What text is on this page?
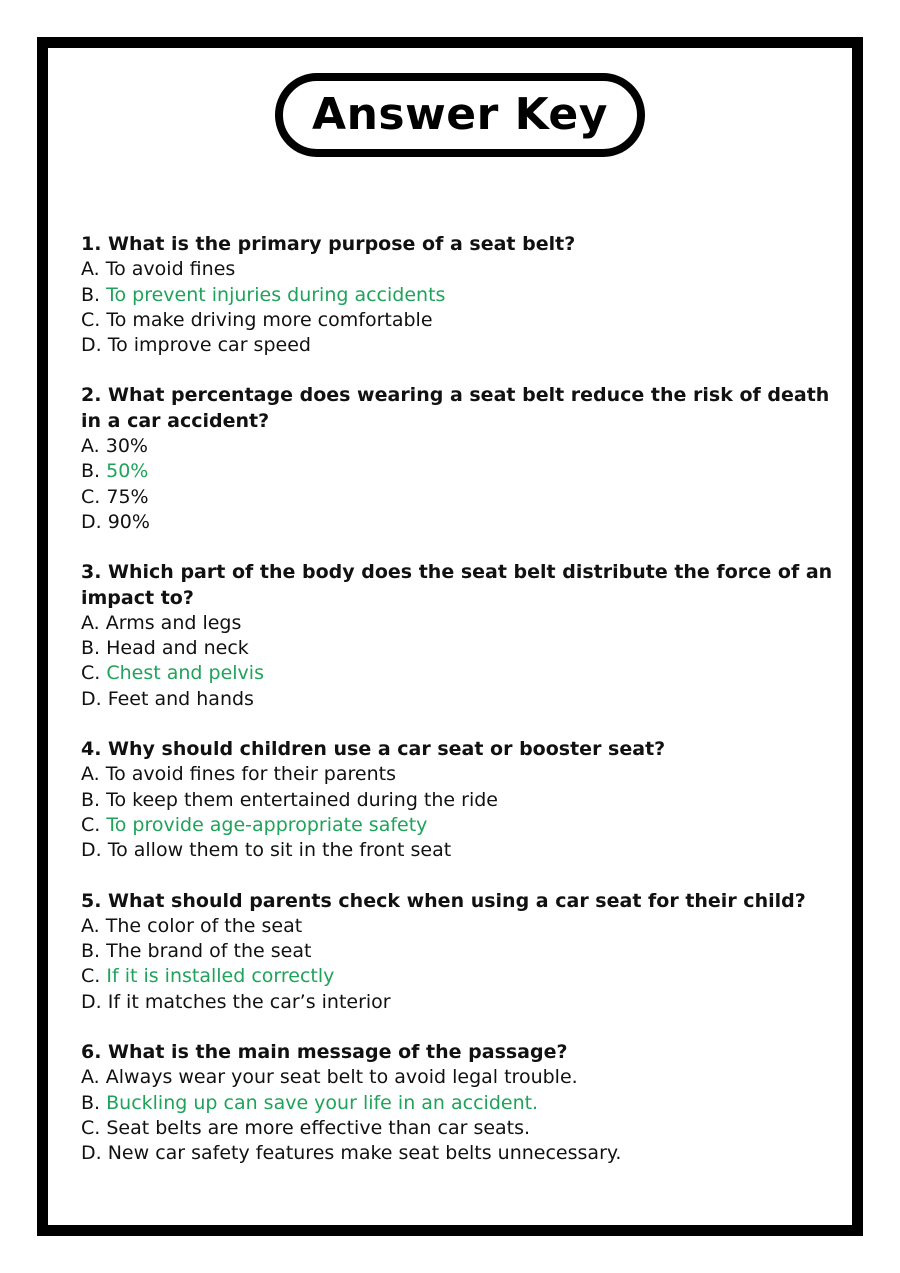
Answer Key

1. What is the primary purpose of a seat belt?

A. To avoid fines

B. To prevent injuries during accidents

C. To make driving more comfortable

D. To improve car speed

2. What percentage does wearing a seat belt reduce the risk of death in a car accident?

A. 30%

B. 50%

C. 75%

D. 90%

3. Which part of the body does the seat belt distribute the force of an impact to?

A. Arms and legs

B. Head and neck

C. Chest and pelvis

D. Feet and hands

4. Why should children use a car seat or booster seat?

A. To avoid fines for their parents

B. To keep them entertained during the ride

C. To provide age-appropriate safety

D. To allow them to sit in the front seat

5. What should parents check when using a car seat for their child?

A. The color of the seat

B. The brand of the seat

C. If it is installed correctly

D. If it matches the car’s interior

6. What is the main message of the passage?

A. Always wear your seat belt to avoid legal trouble.

B. Buckling up can save your life in an accident.

C. Seat belts are more effective than car seats.

D. New car safety features make seat belts unnecessary.
